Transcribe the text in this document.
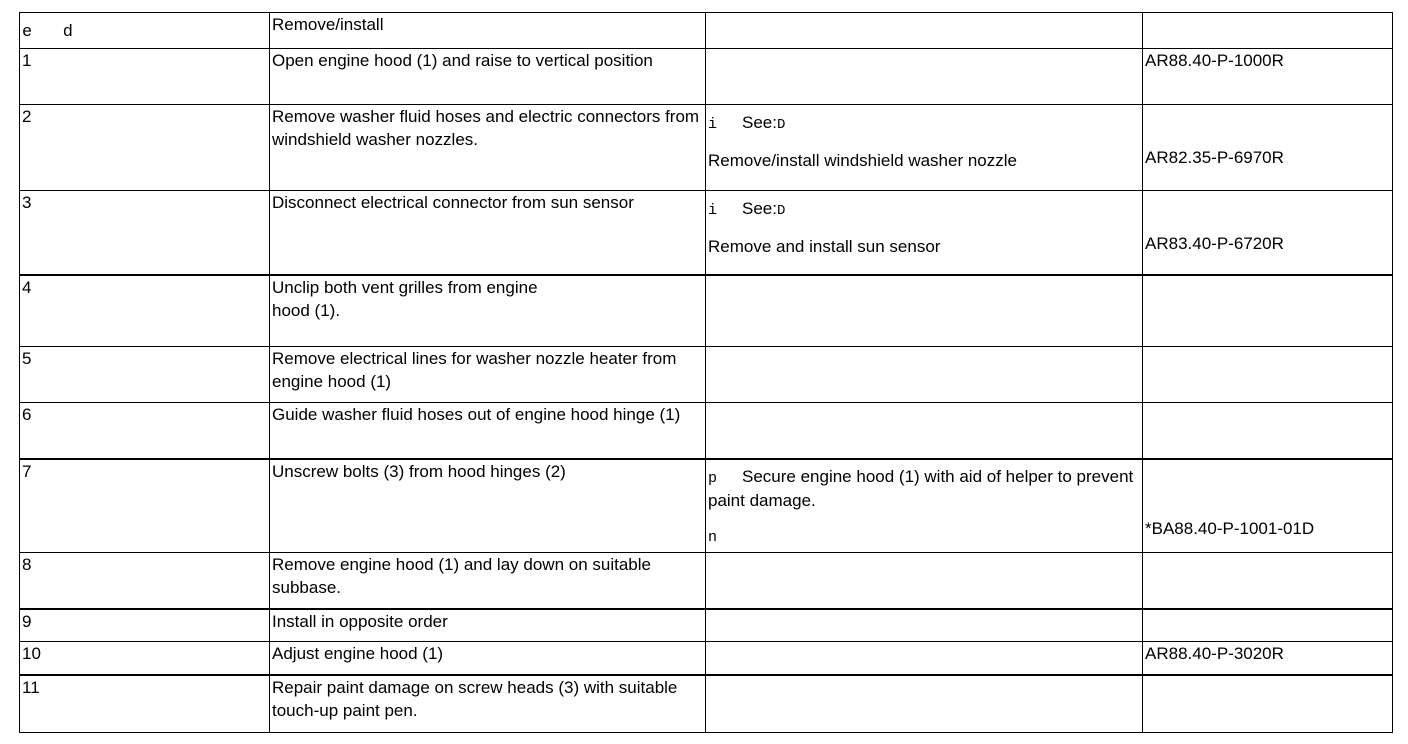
e   d	Remove/install		
1	Open engine hood (1) and raise to vertical position		AR88.40-P-1000R
2	Remove washer fluid hoses and electric connectors from windshield washer nozzles.	i See:D
Remove/install windshield washer nozzle	AR82.35-P-6970R

3	Disconnect electrical connector from sun sensor	i See:D
Remove and install sun sensor	AR83.40-P-6720R

4	Unclip both vent grilles from engine
hood (1).		

5	Remove electrical lines for washer nozzle heater from engine hood (1)		
6	Guide washer fluid hoses out of engine hood hinge (1)		
7	Unscrew bolts (3) from hood hinges (2)	p Secure engine hood (1) with aid of helper to prevent paint damage.
n	*BA88.40-P-1001-01D

8	Remove engine hood (1) and lay down on suitable subbase.		
9	Install in opposite order		
10	Adjust engine hood (1)		AR88.40-P-3020R
11	Repair paint damage on screw heads (3) with suitable touch-up paint pen.		
